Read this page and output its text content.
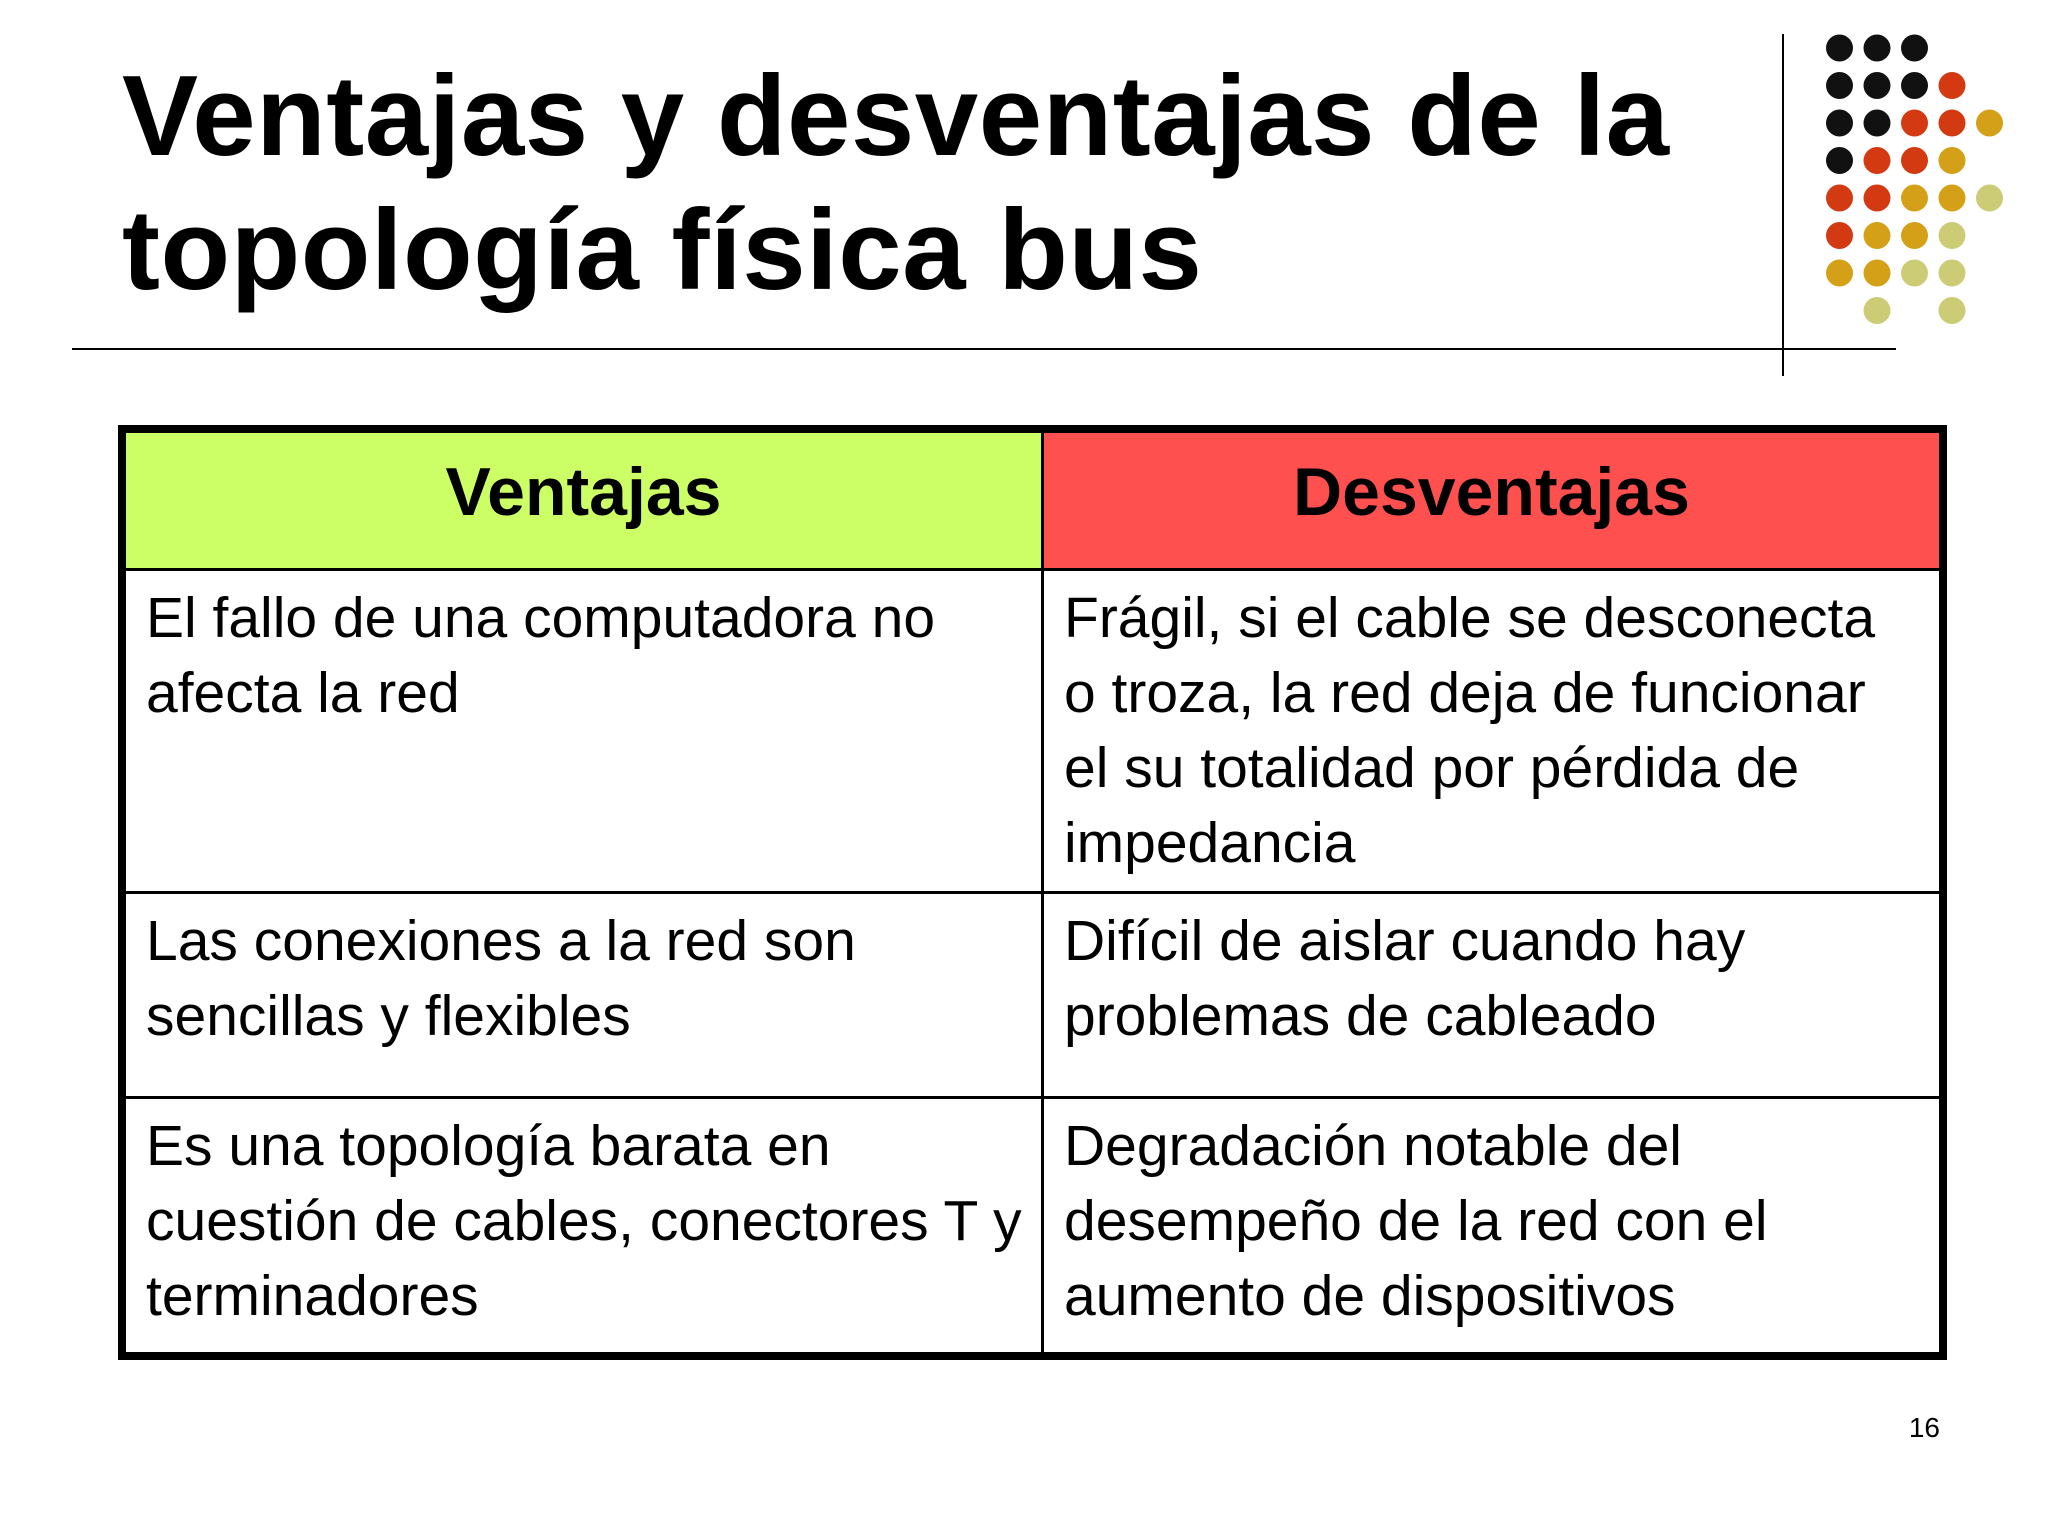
Ventajas y desventajas de la
topología física bus
Ventajas	Desventajas
El fallo de una computadora no afecta la red	Frágil, si el cable se desconecta o troza, la red deja de funcionar el su totalidad por pérdida de impedancia
Las conexiones a la red son sencillas y flexibles	Difícil de aislar cuando hay problemas de cableado
Es una topología barata en cuestión de cables, conectores T y terminadores	Degradación notable del desempeño de la red con el aumento de dispositivos
16
